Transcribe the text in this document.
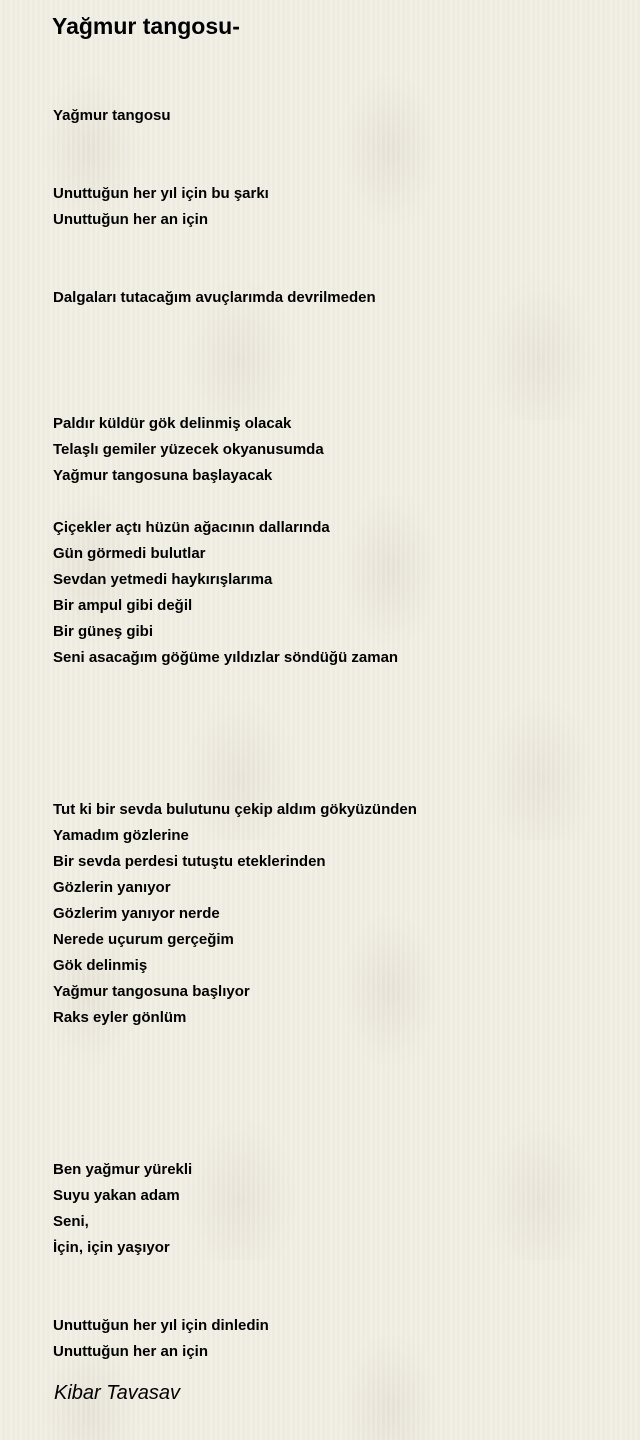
Yağmur tangosu-
Yağmur tangosu
Unuttuğun her yıl için bu şarkı
Unuttuğun her an için
Dalgaları tutacağım avuçlarımda devrilmeden
Paldır küldür gök delinmiş olacak
Telaşlı gemiler yüzecek okyanusumda
Yağmur tangosuna başlayacak
Çiçekler açtı hüzün ağacının dallarında
Gün görmedi bulutlar
Sevdan yetmedi haykırışlarıma
Bir ampul gibi değil
Bir güneş gibi
Seni asacağım göğüme yıldızlar söndüğü zaman
Tut ki bir sevda bulutunu çekip aldım gökyüzünden
Yamadım gözlerine
Bir sevda perdesi tutuştu eteklerinden
Gözlerin yanıyor
Gözlerim yanıyor nerde
Nerede uçurum gerçeğim
Gök delinmiş
Yağmur tangosuna başlıyor
Raks eyler gönlüm
Ben yağmur yürekli
Suyu yakan adam
Seni,
İçin, için yaşıyor
Unuttuğun her yıl için dinledin
Unuttuğun her an için
Kibar Tavasav
